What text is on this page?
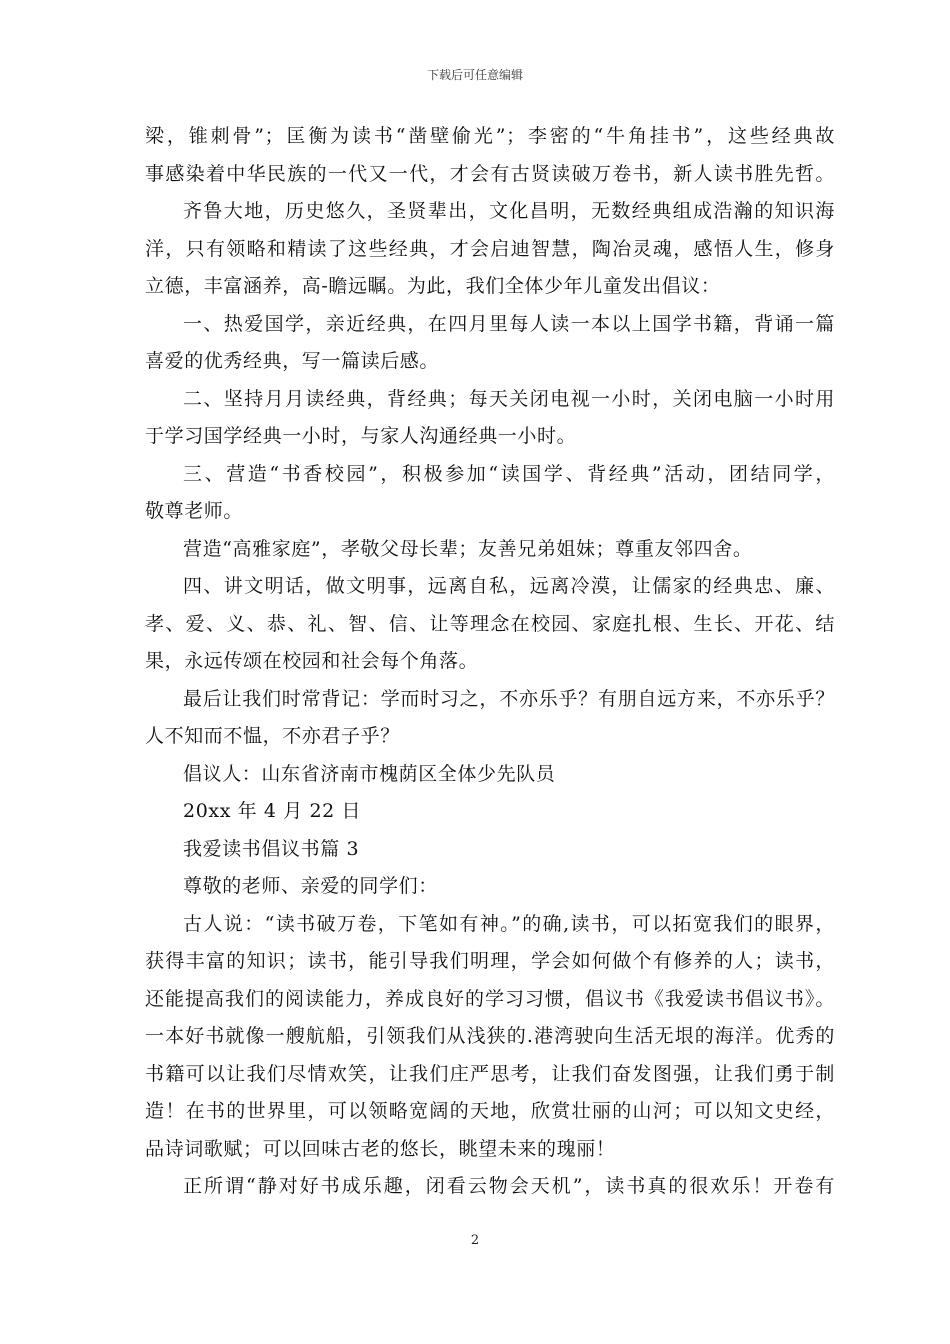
下载后可任意编辑
梁，锥刺骨”；匡衡为读书“凿壁偷光”；李密的“牛角挂书”，这些经典故
事感染着中华民族的一代又一代，才会有古贤读破万卷书，新人读书胜先哲。
齐鲁大地，历史悠久，圣贤辈出，文化昌明，无数经典组成浩瀚的知识海
洋，只有领略和精读了这些经典，才会启迪智慧，陶冶灵魂，感悟人生，修身
立德，丰富涵养，高-瞻远瞩。为此，我们全体少年儿童发出倡议：
一、热爱国学，亲近经典，在四月里每人读一本以上国学书籍，背诵一篇
喜爱的优秀经典，写一篇读后感。
二、坚持月月读经典，背经典；每天关闭电视一小时，关闭电脑一小时用
于学习国学经典一小时，与家人沟通经典一小时。
三、营造“书香校园”，积极参加“读国学、背经典”活动，团结同学，
敬尊老师。
营造“高雅家庭”，孝敬父母长辈；友善兄弟姐妹；尊重友邻四舍。
四、讲文明话，做文明事，远离自私，远离冷漠，让儒家的经典忠、廉、
孝、爱、义、恭、礼、智、信、让等理念在校园、家庭扎根、生长、开花、结
果，永远传颂在校园和社会每个角落。
最后让我们时常背记：学而时习之，不亦乐乎？有朋自远方来，不亦乐乎？
人不知而不愠，不亦君子乎？
倡议人：山东省济南市槐荫区全体少先队员
20xx 年 4 月 22 日
我爱读书倡议书篇 3
尊敬的老师、亲爱的同学们：
古人说：“读书破万卷，下笔如有神。”的确,读书，可以拓宽我们的眼界，
获得丰富的知识；读书，能引导我们明理，学会如何做个有修养的人；读书，
还能提高我们的阅读能力，养成良好的学习习惯，倡议书《我爱读书倡议书》。
一本好书就像一艘航船，引领我们从浅狭的.港湾驶向生活无垠的海洋。优秀的
书籍可以让我们尽情欢笑，让我们庄严思考，让我们奋发图强，让我们勇于制
造！在书的世界里，可以领略宽阔的天地，欣赏壮丽的山河；可以知文史经，
品诗词歌赋；可以回味古老的悠长，眺望未来的瑰丽！
正所谓“静对好书成乐趣，闭看云物会天机”，读书真的很欢乐！开卷有
2
